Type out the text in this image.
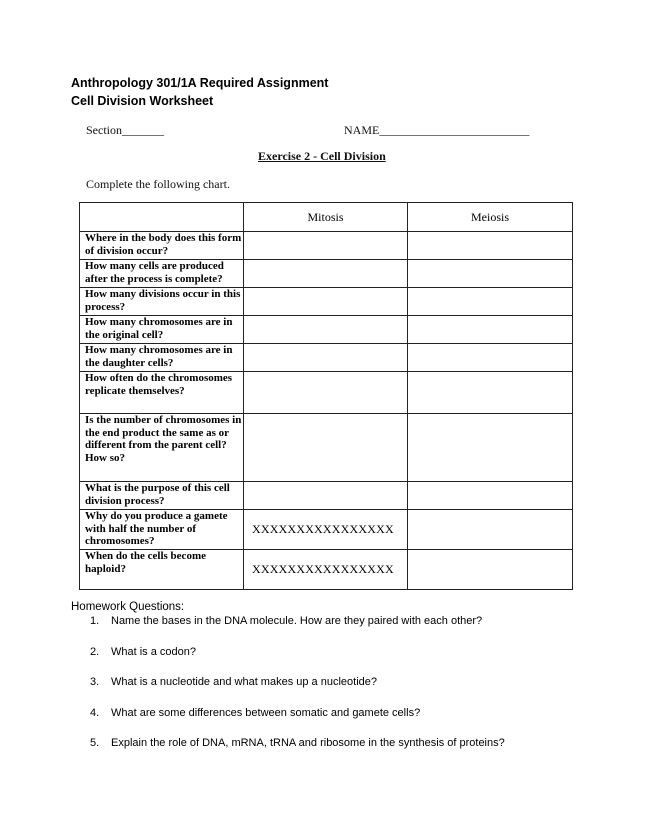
Anthropology 301/1A Required Assignment
Cell Division Worksheet
Section_______	NAME_________________________
Exercise 2 - Cell Division
Complete the following chart.
	Mitosis	Meiosis
Where in the body does this form of division occur?		
How many cells are produced after the process is complete?		
How many divisions occur in this process?		
How many chromosomes are in the original cell?		
How many chromosomes are in the daughter cells?		
How often do the chromosomes replicate themselves?		
Is the number of chromosomes in the end product the same as or different from the parent cell? How so?		
What is the purpose of this cell division process?		
Why do you produce a gamete with half the number of chromosomes?	XXXXXXXXXXXXXXXX	
When do the cells become haploid?	XXXXXXXXXXXXXXXX	
Homework Questions:
1. Name the bases in the DNA molecule. How are they paired with each other?
2. What is a codon?
3. What is a nucleotide and what makes up a nucleotide?
4. What are some differences between somatic and gamete cells?
5. Explain the role of DNA, mRNA, tRNA and ribosome in the synthesis of proteins?
